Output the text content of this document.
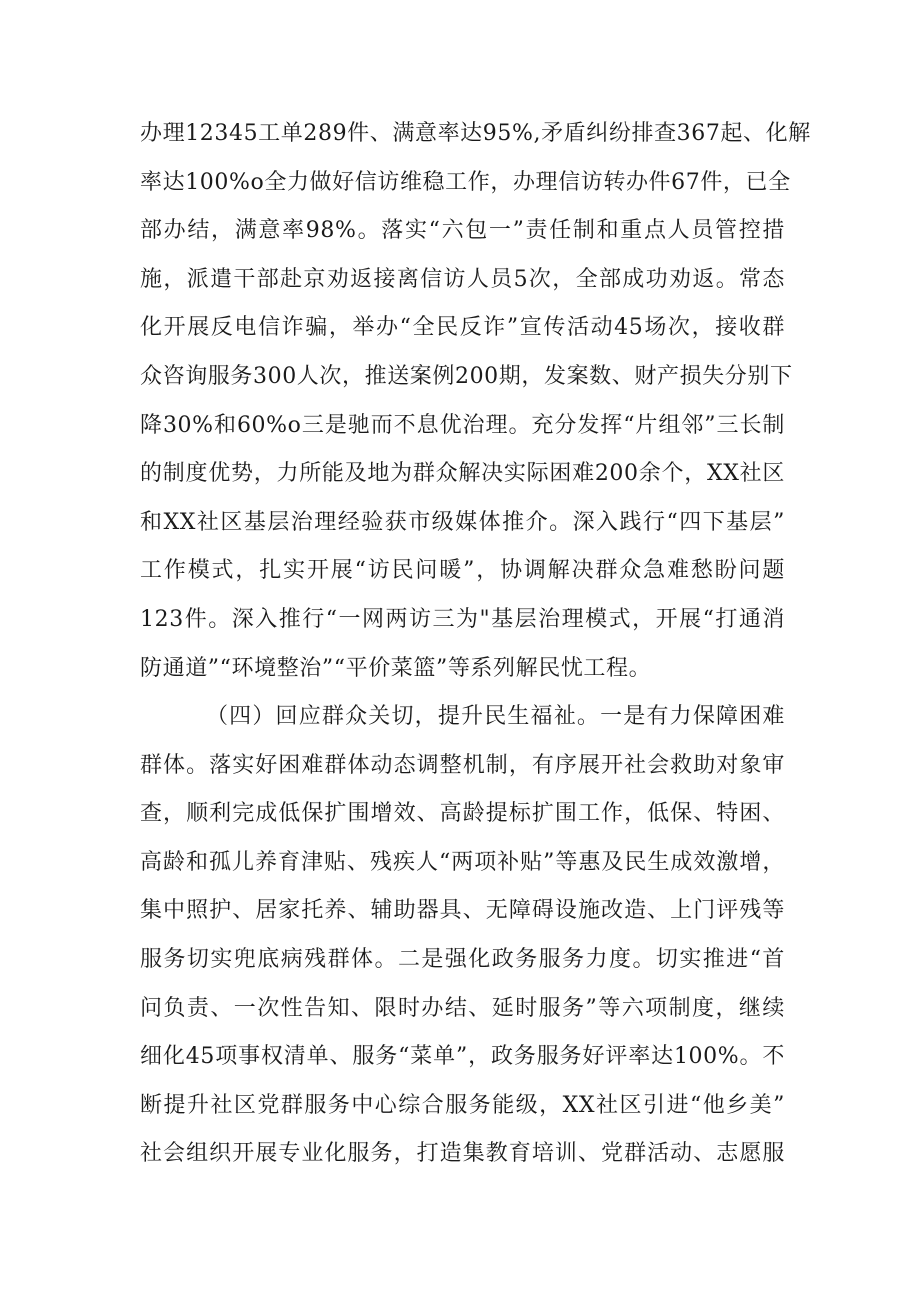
办理12345工单289件、满意率达95%,矛盾纠纷排查367起、化解
率达100%o全力做好信访维稳工作，办理信访转办件67件，已全
部办结，满意率98%。落实“六包一”责任制和重点人员管控措
施，派遣干部赴京劝返接离信访人员5次，全部成功劝返。常态
化开展反电信诈骗，举办“全民反诈”宣传活动45场次，接收群
众咨询服务300人次，推送案例200期，发案数、财产损失分别下
降30%和60%o三是驰而不息优治理。充分发挥“片组邻”三长制
的制度优势，力所能及地为群众解决实际困难200余个，XX社区
和XX社区基层治理经验获市级媒体推介。深入践行“四下基层”
工作模式，扎实开展“访民问暖”，协调解决群众急难愁盼问题
123件。深入推行“一网两访三为"基层治理模式，开展“打通消
防通道”“环境整治”“平价菜篮”等系列解民忧工程。
（四）回应群众关切，提升民生福祉。一是有力保障困难
群体。落实好困难群体动态调整机制，有序展开社会救助对象审
查，顺利完成低保扩围增效、高龄提标扩围工作，低保、特困、
高龄和孤儿养育津贴、残疾人“两项补贴”等惠及民生成效激增，
集中照护、居家托养、辅助器具、无障碍设施改造、上门评残等
服务切实兜底病残群体。二是强化政务服务力度。切实推进“首
问负责、一次性告知、限时办结、延时服务”等六项制度，继续
细化45项事权清单、服务“菜单”，政务服务好评率达100%。不
断提升社区党群服务中心综合服务能级，XX社区引进“他乡美”
社会组织开展专业化服务，打造集教育培训、党群活动、志愿服
